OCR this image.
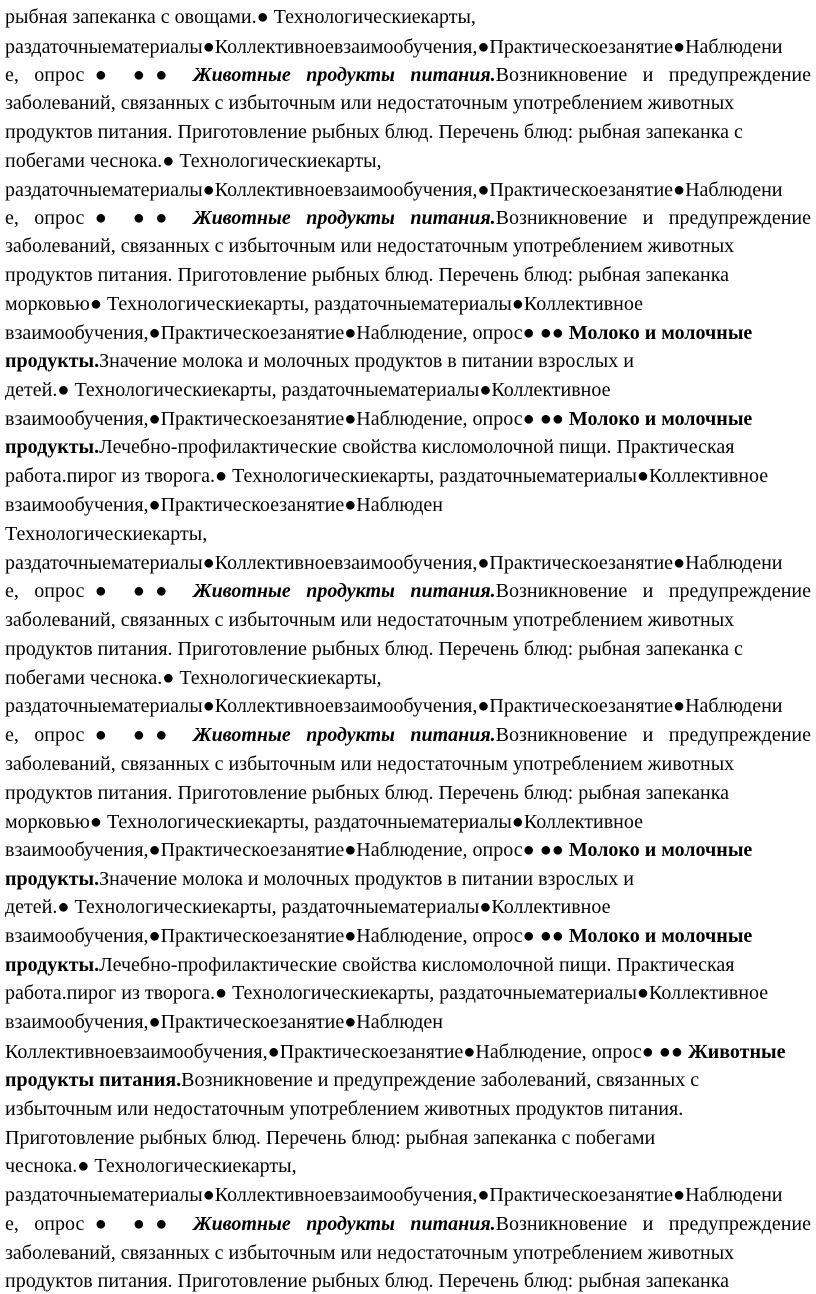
рыбная запеканка с овощами.● Технологическиекарты,
раздаточныематериалы●Коллективноевзаимообучения,●Практическоезанятие●Наблюдени
е, опрос● ●● Животные продукты питания.Возникновение и предупреждение
заболеваний, связанных с избыточным или недостаточным употреблением животных
продуктов питания. Приготовление рыбных блюд. Перечень блюд: рыбная запеканка с
побегами чеснока.● Технологическиекарты,
раздаточныематериалы●Коллективноевзаимообучения,●Практическоезанятие●Наблюдени
е, опрос● ●● Животные продукты питания.Возникновение и предупреждение
заболеваний, связанных с избыточным или недостаточным употреблением животных
продуктов питания. Приготовление рыбных блюд. Перечень блюд: рыбная запеканка
морковью● Технологическиекарты, раздаточныематериалы●Коллективное
взаимообучения,●Практическоезанятие●Наблюдение, опрос● ●● Молоко и молочные
продукты.Значение молока и молочных продуктов в питании взрослых и
детей.● Технологическиекарты, раздаточныематериалы●Коллективное
взаимообучения,●Практическоезанятие●Наблюдение, опрос● ●● Молоко и молочные
продукты.Лечебно-профилактические свойства кисломолочной пищи. Практическая
работа.пирог из творога.● Технологическиекарты, раздаточныематериалы●Коллективное
взаимообучения,●Практическоезанятие●Наблюден
Технологическиекарты,
раздаточныематериалы●Коллективноевзаимообучения,●Практическоезанятие●Наблюдени
е, опрос● ●● Животные продукты питания.Возникновение и предупреждение
заболеваний, связанных с избыточным или недостаточным употреблением животных
продуктов питания. Приготовление рыбных блюд. Перечень блюд: рыбная запеканка с
побегами чеснока.● Технологическиекарты,
раздаточныематериалы●Коллективноевзаимообучения,●Практическоезанятие●Наблюдени
е, опрос● ●● Животные продукты питания.Возникновение и предупреждение
заболеваний, связанных с избыточным или недостаточным употреблением животных
продуктов питания. Приготовление рыбных блюд. Перечень блюд: рыбная запеканка
морковью● Технологическиекарты, раздаточныематериалы●Коллективное
взаимообучения,●Практическоезанятие●Наблюдение, опрос● ●● Молоко и молочные
продукты.Значение молока и молочных продуктов в питании взрослых и
детей.● Технологическиекарты, раздаточныематериалы●Коллективное
взаимообучения,●Практическоезанятие●Наблюдение, опрос● ●● Молоко и молочные
продукты.Лечебно-профилактические свойства кисломолочной пищи. Практическая
работа.пирог из творога.● Технологическиекарты, раздаточныематериалы●Коллективное
взаимообучения,●Практическоезанятие●Наблюден
Коллективноевзаимообучения,●Практическоезанятие●Наблюдение, опрос● ●● Животные
продукты питания.Возникновение и предупреждение заболеваний, связанных с
избыточным или недостаточным употреблением животных продуктов питания.
Приготовление рыбных блюд. Перечень блюд: рыбная запеканка с побегами
чеснока.● Технологическиекарты,
раздаточныематериалы●Коллективноевзаимообучения,●Практическоезанятие●Наблюдени
е, опрос● ●● Животные продукты питания.Возникновение и предупреждение
заболеваний, связанных с избыточным или недостаточным употреблением животных
продуктов питания. Приготовление рыбных блюд. Перечень блюд: рыбная запеканка
